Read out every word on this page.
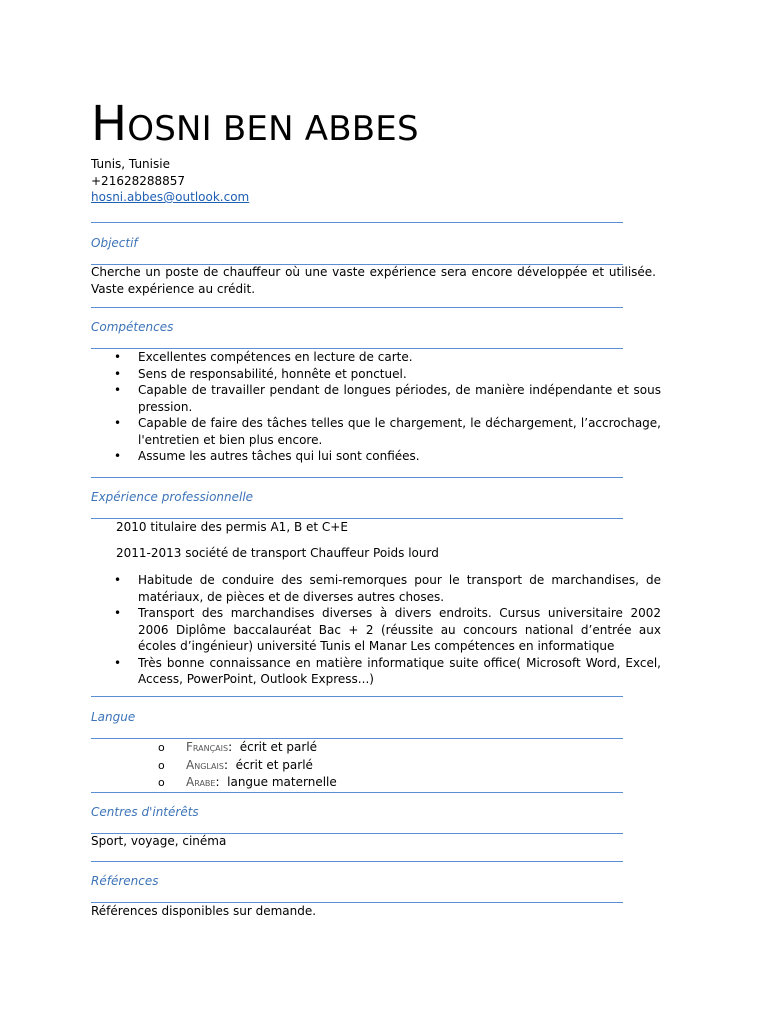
HOSNI BEN ABBES
Tunis, Tunisie
+21628288857
hosni.abbes@outlook.com
Objectif

Cherche un poste de chauffeur où une vaste expérience sera encore développée et utilisée. Vaste expérience au crédit.

Compétences
• Excellentes compétences en lecture de carte.
• Sens de responsabilité, honnête et ponctuel.
• Capable de travailler pendant de longues périodes, de manière indépendante et sous pression.
• Capable de faire des tâches telles que le chargement, le déchargement, l’accrochage, l'entretien et bien plus encore.
• Assume les autres tâches qui lui sont confiées.
Expérience professionnelle
2010 titulaire des permis A1, B et C+E
2011-2013 société de transport Chauffeur Poids lourd
• Habitude de conduire des semi-remorques pour le transport de marchandises, de matériaux, de pièces et de diverses autres choses.
• Transport des marchandises diverses à divers endroits. Cursus universitaire 2002 2006 Diplôme baccalauréat Bac + 2 (réussite au concours national d’entrée aux écoles d’ingénieur) université Tunis el Manar Les compétences en informatique
• Très bonne connaissance en matière informatique suite office( Microsoft Word, Excel, Access, PowerPoint, Outlook Express...)
Langue
o Français:  écrit et parlé
o Anglais:  écrit et parlé
o Arabe:  langue maternelle
Centres d'intérêts
Sport, voyage, cinéma
Références
Références disponibles sur demande.
